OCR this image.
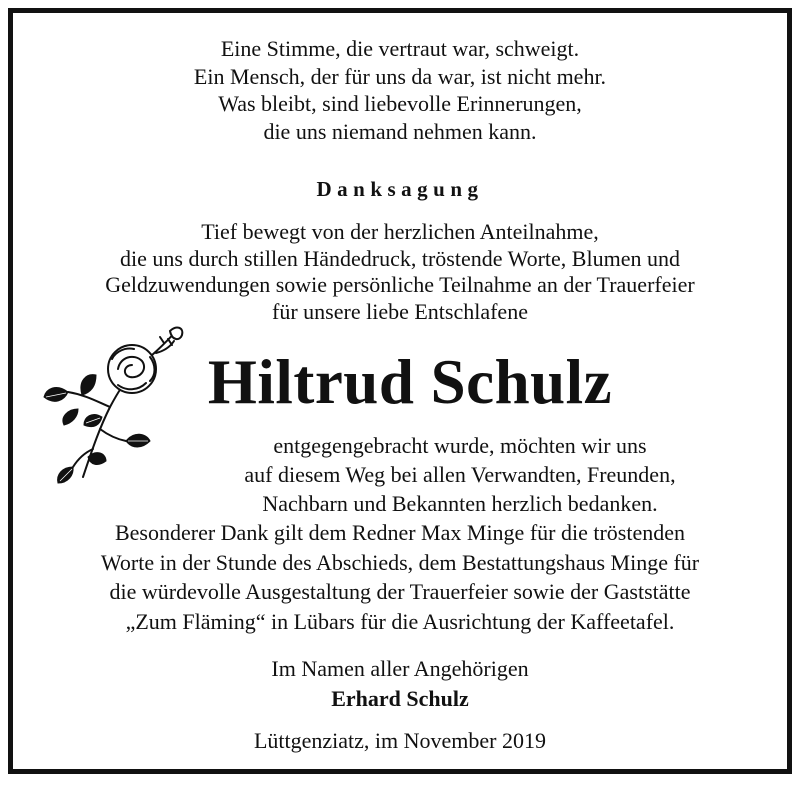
Eine Stimme, die vertraut war, schweigt.
Ein Mensch, der für uns da war, ist nicht mehr.
Was bleibt, sind liebevolle Erinnerungen,
die uns niemand nehmen kann.
Danksagung
Tief bewegt von der herzlichen Anteilnahme,
die uns durch stillen Händedruck, tröstende Worte, Blumen und
Geldzuwendungen sowie persönliche Teilnahme an der Trauerfeier
für unsere liebe Entschlafene
Hiltrud Schulz
entgegengebracht wurde, möchten wir uns
auf diesem Weg bei allen Verwandten, Freunden,
Nachbarn und Bekannten herzlich bedanken.
Besonderer Dank gilt dem Redner Max Minge für die tröstenden
Worte in der Stunde des Abschieds, dem Bestattungshaus Minge für
die würdevolle Ausgestaltung der Trauerfeier sowie der Gaststätte
„Zum Fläming“ in Lübars für die Ausrichtung der Kaffeetafel.
Im Namen aller Angehörigen
Erhard Schulz
Lüttgenziatz, im November 2019
